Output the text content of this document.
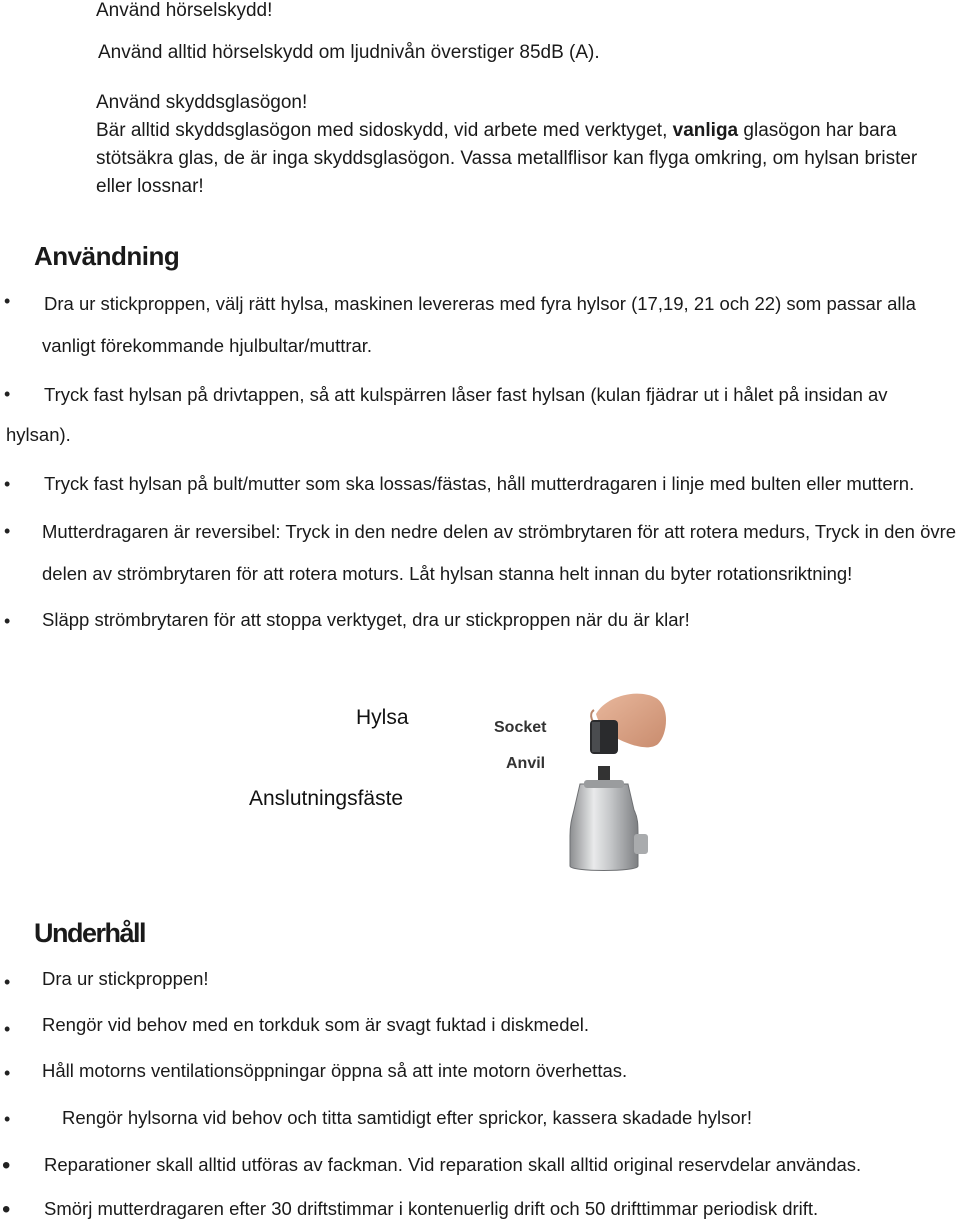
Använd hörselskydd!
Använd alltid hörselskydd om ljudnivån överstiger 85dB (A).
Använd skyddsglasögon!
Bär alltid skyddsglasögon med sidoskydd, vid arbete med verktyget, vanliga glasögon har bara
stötsäkra glas, de är inga skyddsglasögon. Vassa metallflisor kan flyga omkring, om hylsan brister
eller lossnar!
Användning
• Dra ur stickproppen, välj rätt hylsa, maskinen levereras med fyra hylsor (17,19, 21 och 22) som passar alla
vanligt förekommande hjulbultar/muttrar.
• Tryck fast hylsan på drivtappen, så att kulspärren låser fast hylsan (kulan fjädrar ut i hålet på insidan av
hylsan).
• Tryck fast hylsan på bult/mutter som ska lossas/fästas, håll mutterdragaren i linje med bulten eller muttern.
• Mutterdragaren är reversibel: Tryck in den nedre delen av strömbrytaren för att rotera medurs, Tryck in den övre
delen av strömbrytaren för att rotera moturs. Låt hylsan stanna helt innan du byter rotationsriktning!
• Släpp strömbrytaren för att stoppa verktyget, dra ur stickproppen när du är klar!
Hylsa
Anslutningsfäste
Socket
Anvil
Underhåll
• Dra ur stickproppen!
• Rengör vid behov med en torkduk som är svagt fuktad i diskmedel.
• Håll motorns ventilationsöppningar öppna så att inte motorn överhettas.
•	Rengör hylsorna vid behov och titta samtidigt efter sprickor, kassera skadade hylsor!
• Reparationer skall alltid utföras av fackman. Vid reparation skall alltid original reservdelar användas.
• Smörj mutterdragaren efter 30 driftstimmar i kontenuerlig drift och 50 drifttimmar periodisk drift.
